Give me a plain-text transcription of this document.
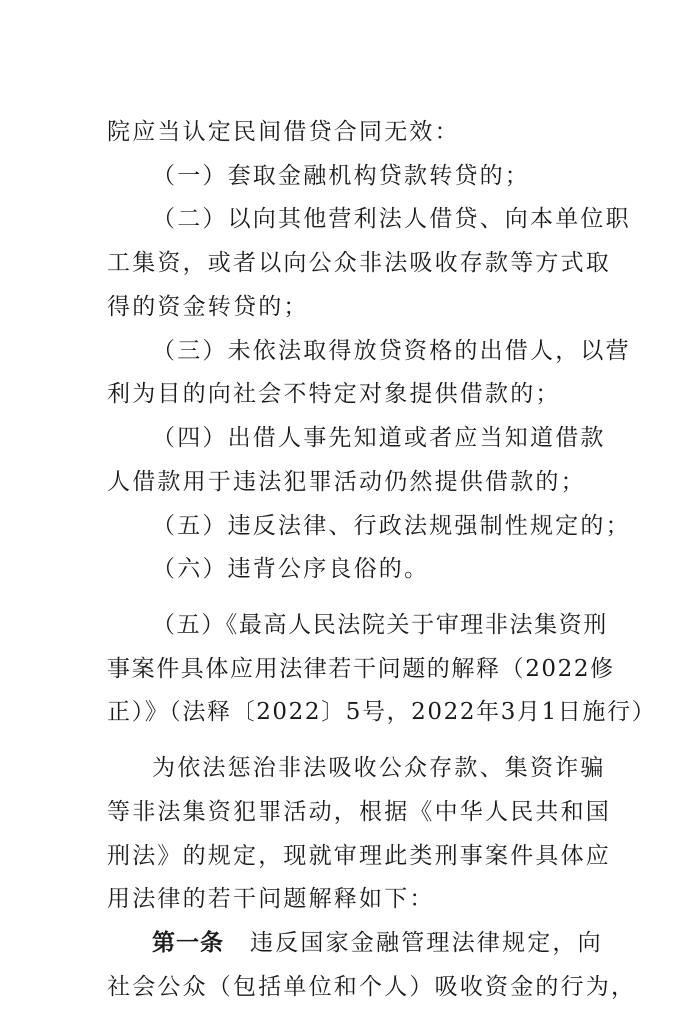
院应当认定民间借贷合同无效：
（一）套取金融机构贷款转贷的；
（二）以向其他营利法人借贷、向本单位职
工集资，或者以向公众非法吸收存款等方式取
得的资金转贷的；
（三）未依法取得放贷资格的出借人，以营
利为目的向社会不特定对象提供借款的；
（四）出借人事先知道或者应当知道借款
人借款用于违法犯罪活动仍然提供借款的；
（五）违反法律、行政法规强制性规定的；
（六）违背公序良俗的。
（五）《最高人民法院关于审理非法集资刑
事案件具体应用法律若干问题的解释（2022修
正）》（法释〔2022〕5号，2022年3月1日施行）
为依法惩治非法吸收公众存款、集资诈骗
等非法集资犯罪活动，根据《中华人民共和国
刑法》的规定，现就审理此类刑事案件具体应
用法律的若干问题解释如下：
第一条 违反国家金融管理法律规定，向
社会公众（包括单位和个人）吸收资金的行为，
